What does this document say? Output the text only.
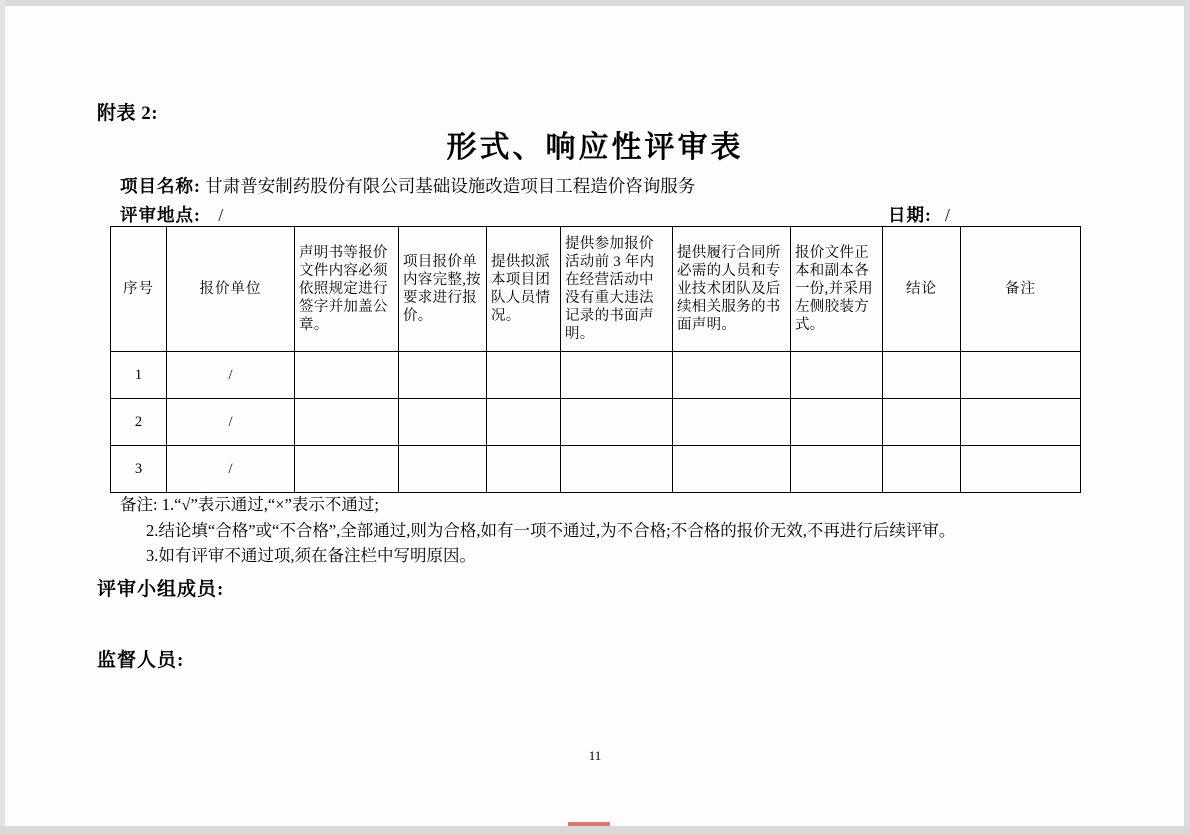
附表 2:
形式、响应性评审表
项目名称: 甘肃普安制药股份有限公司基础设施改造项目工程造价咨询服务
评审地点: /	日期: /
序号	报价单位	声明书等报价文件内容必须依照规定进行签字并加盖公章。	项目报价单内容完整,按要求进行报价。	提供拟派本项目团队人员情况。	提供参加报价活动前 3 年内在经营活动中没有重大违法记录的书面声明。	提供履行合同所必需的人员和专业技术团队及后续相关服务的书面声明。	报价文件正本和副本各一份,并采用左侧胶装方式。	结论	备注
1	/								
2	/								
3	/								
备注: 1.“√”表示通过,“×”表示不通过;
2.结论填“合格”或“不合格”,全部通过,则为合格,如有一项不通过,为不合格;不合格的报价无效,不再进行后续评审。
3.如有评审不通过项,须在备注栏中写明原因。
评审小组成员:
监督人员:
11
